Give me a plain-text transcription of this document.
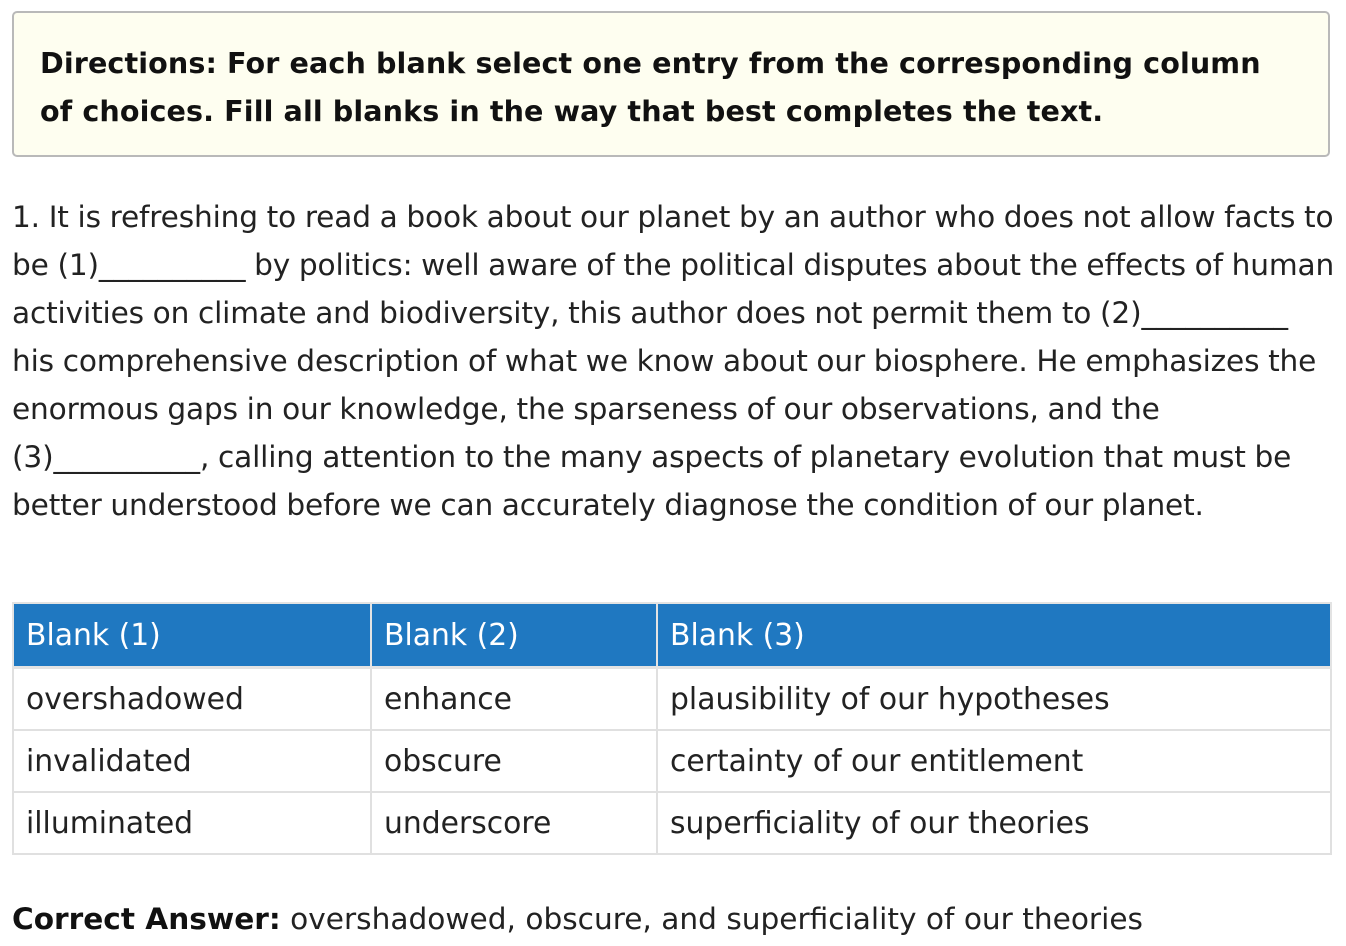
Directions: For each blank select one entry from the corresponding column of choices. Fill all blanks in the way that best completes the text.
1. It is refreshing to read a book about our planet by an author who does not allow facts to be (1)__________ by politics: well aware of the political disputes about the effects of human activities on climate and biodiversity, this author does not permit them to (2)__________ his comprehensive description of what we know about our biosphere. He emphasizes the enormous gaps in our knowledge, the sparseness of our observations, and the (3)__________, calling attention to the many aspects of planetary evolution that must be better understood before we can accurately diagnose the condition of our planet.
Blank (1)	Blank (2)	Blank (3)
overshadowed	enhance	plausibility of our hypotheses
invalidated	obscure	certainty of our entitlement
illuminated	underscore	superficiality of our theories
Correct Answer: overshadowed, obscure, and superficiality of our theories
